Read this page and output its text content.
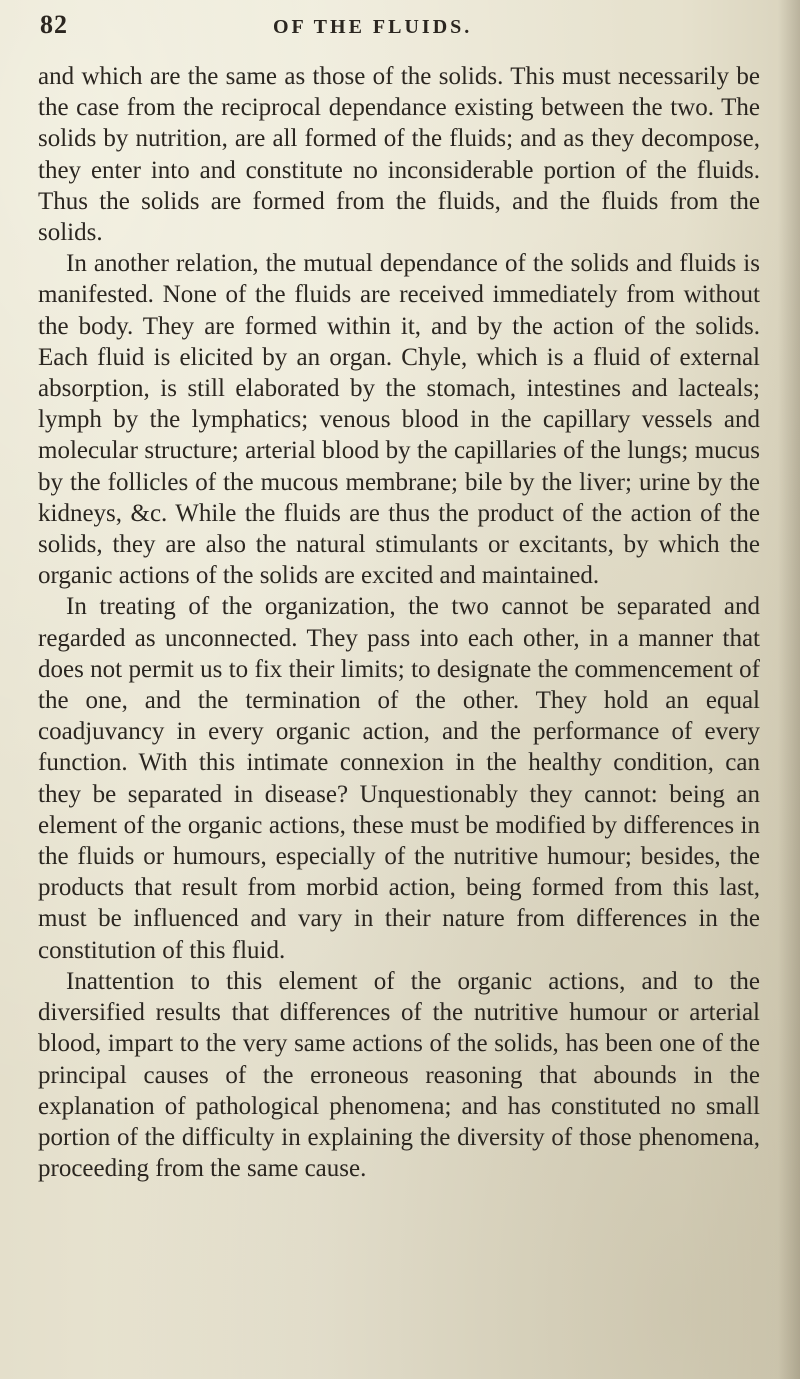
82	OF THE FLUIDS.

and which are the same as those of the solids. This must necessarily be the case from the reciprocal dependance existing between the two. The solids by nutrition, are all formed of the fluids; and as they decompose, they enter into and constitute no inconsiderable portion of the fluids. Thus the solids are formed from the fluids, and the fluids from the solids.

In another relation, the mutual dependance of the solids and fluids is manifested. None of the fluids are received immediately from without the body. They are formed within it, and by the action of the solids. Each fluid is elicited by an organ. Chyle, which is a fluid of external absorption, is still elaborated by the stomach, intestines and lacteals; lymph by the lymphatics; venous blood in the capillary vessels and molecular structure; arterial blood by the capillaries of the lungs; mucus by the follicles of the mucous membrane; bile by the liver; urine by the kidneys, &c. While the fluids are thus the product of the action of the solids, they are also the natural stimulants or excitants, by which the organic actions of the solids are excited and maintained.

In treating of the organization, the two cannot be separated and regarded as unconnected. They pass into each other, in a manner that does not permit us to fix their limits; to designate the commencement of the one, and the termination of the other. They hold an equal coadjuvancy in every organic action, and the performance of every function. With this intimate connexion in the healthy condition, can they be separated in disease? Unquestionably they cannot: being an element of the organic actions, these must be modified by differences in the fluids or humours, especially of the nutritive humour; besides, the products that result from morbid action, being formed from this last, must be influenced and vary in their nature from differences in the constitution of this fluid.

Inattention to this element of the organic actions, and to the diversified results that differences of the nutritive humour or arterial blood, impart to the very same actions of the solids, has been one of the principal causes of the erroneous reasoning that abounds in the explanation of pathological phenomena; and has constituted no small portion of the difficulty in explaining the diversity of those phenomena, proceeding from the same cause.
